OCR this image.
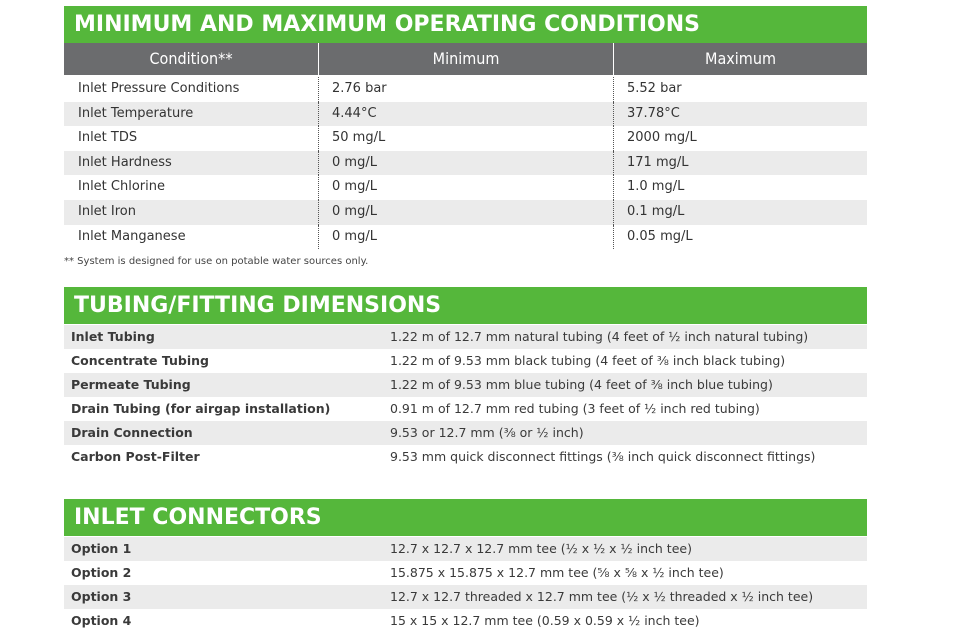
MINIMUM AND MAXIMUM OPERATING CONDITIONS
Condition**	Minimum	Maximum
Inlet Pressure Conditions	2.76 bar	5.52 bar
Inlet Temperature	4.44°C	37.78°C
Inlet TDS	50 mg/L	2000 mg/L
Inlet Hardness	0 mg/L	171 mg/L
Inlet Chlorine	0 mg/L	1.0 mg/L
Inlet Iron	0 mg/L	0.1 mg/L
Inlet Manganese	0 mg/L	0.05 mg/L
** System is designed for use on potable water sources only.
TUBING/FITTING DIMENSIONS
Inlet Tubing	1.22 m of 12.7 mm natural tubing (4 feet of ½ inch natural tubing)
Concentrate Tubing	1.22 m of 9.53 mm black tubing (4 feet of ⅜ inch black tubing)
Permeate Tubing	1.22 m of 9.53 mm blue tubing (4 feet of ⅜ inch blue tubing)
Drain Tubing (for airgap installation)	0.91 m of 12.7 mm red tubing (3 feet of ½ inch red tubing)
Drain Connection	9.53 or 12.7 mm (⅜ or ½ inch)
Carbon Post-Filter	9.53 mm quick disconnect fittings (⅜ inch quick disconnect fittings)
INLET CONNECTORS
Option 1	12.7 x 12.7 x 12.7 mm tee (½ x ½ x ½ inch tee)
Option 2	15.875 x 15.875 x 12.7 mm tee (⅝ x ⅝ x ½ inch tee)
Option 3	12.7 x 12.7 threaded x 12.7 mm tee (½ x ½ threaded x ½ inch tee)
Option 4	15 x 15 x 12.7 mm tee (0.59 x 0.59 x ½ inch tee)
